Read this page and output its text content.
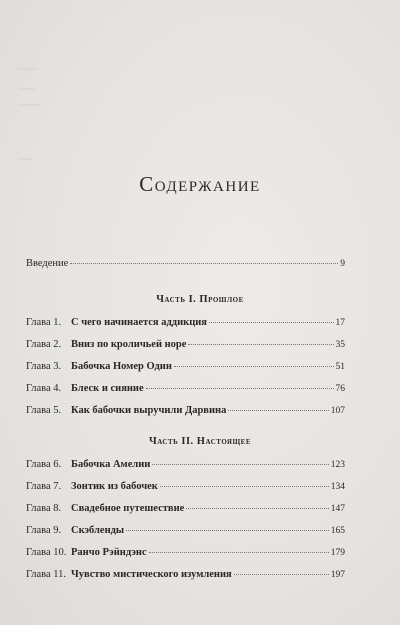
Содержание
Введение	9
Часть I. Прошлое
Глава 1. С чего начинается аддикция	17
Глава 2. Вниз по кроличьей норе	35
Глава 3. Бабочка Номер Один	51
Глава 4. Блеск и сияние	76
Глава 5. Как бабочки выручили Дарвина	107
Часть II. Настоящее
Глава 6. Бабочка Амелии	123
Глава 7. Зонтик из бабочек	134
Глава 8. Свадебное путешествие	147
Глава 9. Скэбленды	165
Глава 10. Ранчо Рэйндэнс	179
Глава 11. Чувство мистического изумления	197
